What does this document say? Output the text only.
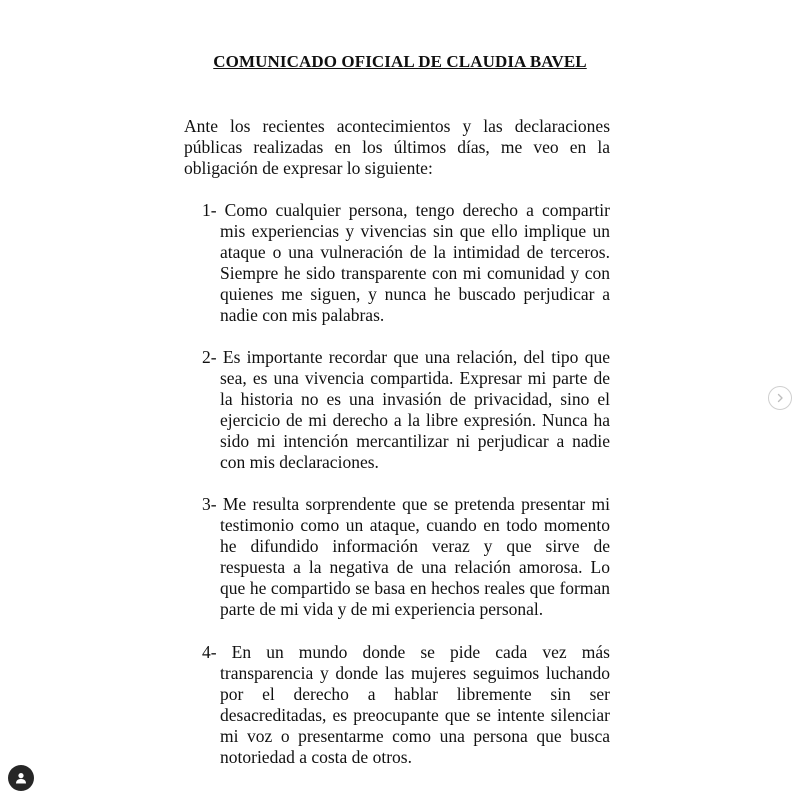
COMUNICADO OFICIAL DE CLAUDIA BAVEL

Ante los recientes acontecimientos y las declaraciones públicas realizadas en los últimos días, me veo en la obligación de expresar lo siguiente:

1- Como cualquier persona, tengo derecho a compartir mis experiencias y vivencias sin que ello implique un ataque o una vulneración de la intimidad de terceros. Siempre he sido transparente con mi comunidad y con quienes me siguen, y nunca he buscado perjudicar a nadie con mis palabras.

2- Es importante recordar que una relación, del tipo que sea, es una vivencia compartida. Expresar mi parte de la historia no es una invasión de privacidad, sino el ejercicio de mi derecho a la libre expresión. Nunca ha sido mi intención mercantilizar ni perjudicar a nadie con mis declaraciones.

3- Me resulta sorprendente que se pretenda presentar mi testimonio como un ataque, cuando en todo momento he difundido información veraz y que sirve de respuesta a la negativa de una relación amorosa. Lo que he compartido se basa en hechos reales que forman parte de mi vida y de mi experiencia personal.

4- En un mundo donde se pide cada vez más transparencia y donde las mujeres seguimos luchando por el derecho a hablar libremente sin ser desacreditadas, es preocupante que se intente silenciar mi voz o presentarme como una persona que busca notoriedad a costa de otros.
